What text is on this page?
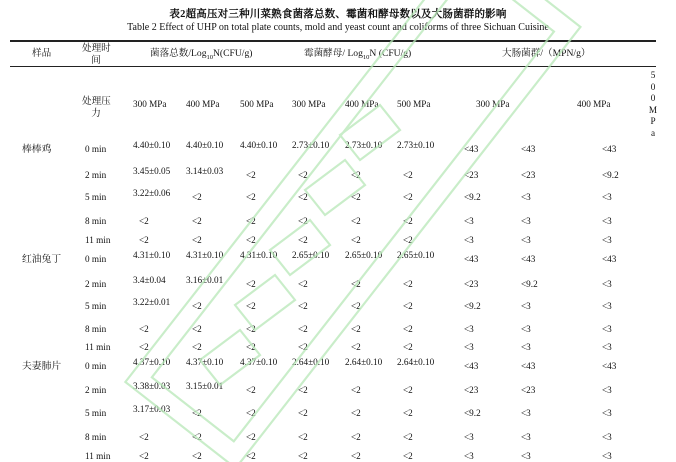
表2超高压对三种川菜熟食菌落总数、霉菌和酵母数以及大肠菌群的影响
Table 2 Effect of UHP on total plate counts, mold and yeast count and coliforms of three Sichuan Cuisine
样品	处理时
间
菌落总数/Log$_{10}$N(CFU/g)	霉菌酵母/ Log$_{10}$N (CFU/g)	大肠菌群/（MPN/g）
处理压
力
300 MPa 400 MPa 500 MPa 300 MPa 400 MPa 500 MPa	300 MPa	400 MPa
5
0
0
M
P
a
棒棒鸡	0 min	4.40±0.10	4.40±0.10	4.40±0.10	2.73±0.10	2.73±0.10	2.73±0.10	<43	<43	<43
2 min	3.45±0.05	3.14±0.03	<2	<2	<2	<2	<23	<23	<9.2
5 min	3.22±0.06	<2	<2	<2	<2	<2	<9.2	<3	<3
8 min	<2	<2	<2	<2	<2	<2	<3	<3	<3
11 min	<2	<2	<2	<2	<2	<2	<3	<3	<3
红油兔丁	0 min	4.31±0.10	4.31±0.10	4.31±0.10	2.65±0.10	2.65±0.10	2.65±0.10	<43	<43	<43
2 min	3.4±0.04	3.16±0.01	<2	<2	<2	<2	<23	<9.2	<3
5 min	3.22±0.01	<2	<2	<2	<2	<2	<9.2	<3	<3
8 min	<2	<2	<2	<2	<2	<2	<3	<3	<3
11 min	<2	<2	<2	<2	<2	<2	<3	<3	<3
夫妻肺片	0 min	4.37±0.10	4.37±0.10	4.37±0.10	2.64±0.10	2.64±0.10	2.64±0.10	<43	<43	<43
2 min	3.38±0.03	3.15±0.01	<2	<2	<2	<2	<23	<23	<3
5 min	3.17±0.03	<2	<2	<2	<2	<2	<9.2	<3	<3
8 min	<2	<2	<2	<2	<2	<2	<3	<3	<3
11 min	<2	<2	<2	<2	<2	<2	<3	<3	<3
